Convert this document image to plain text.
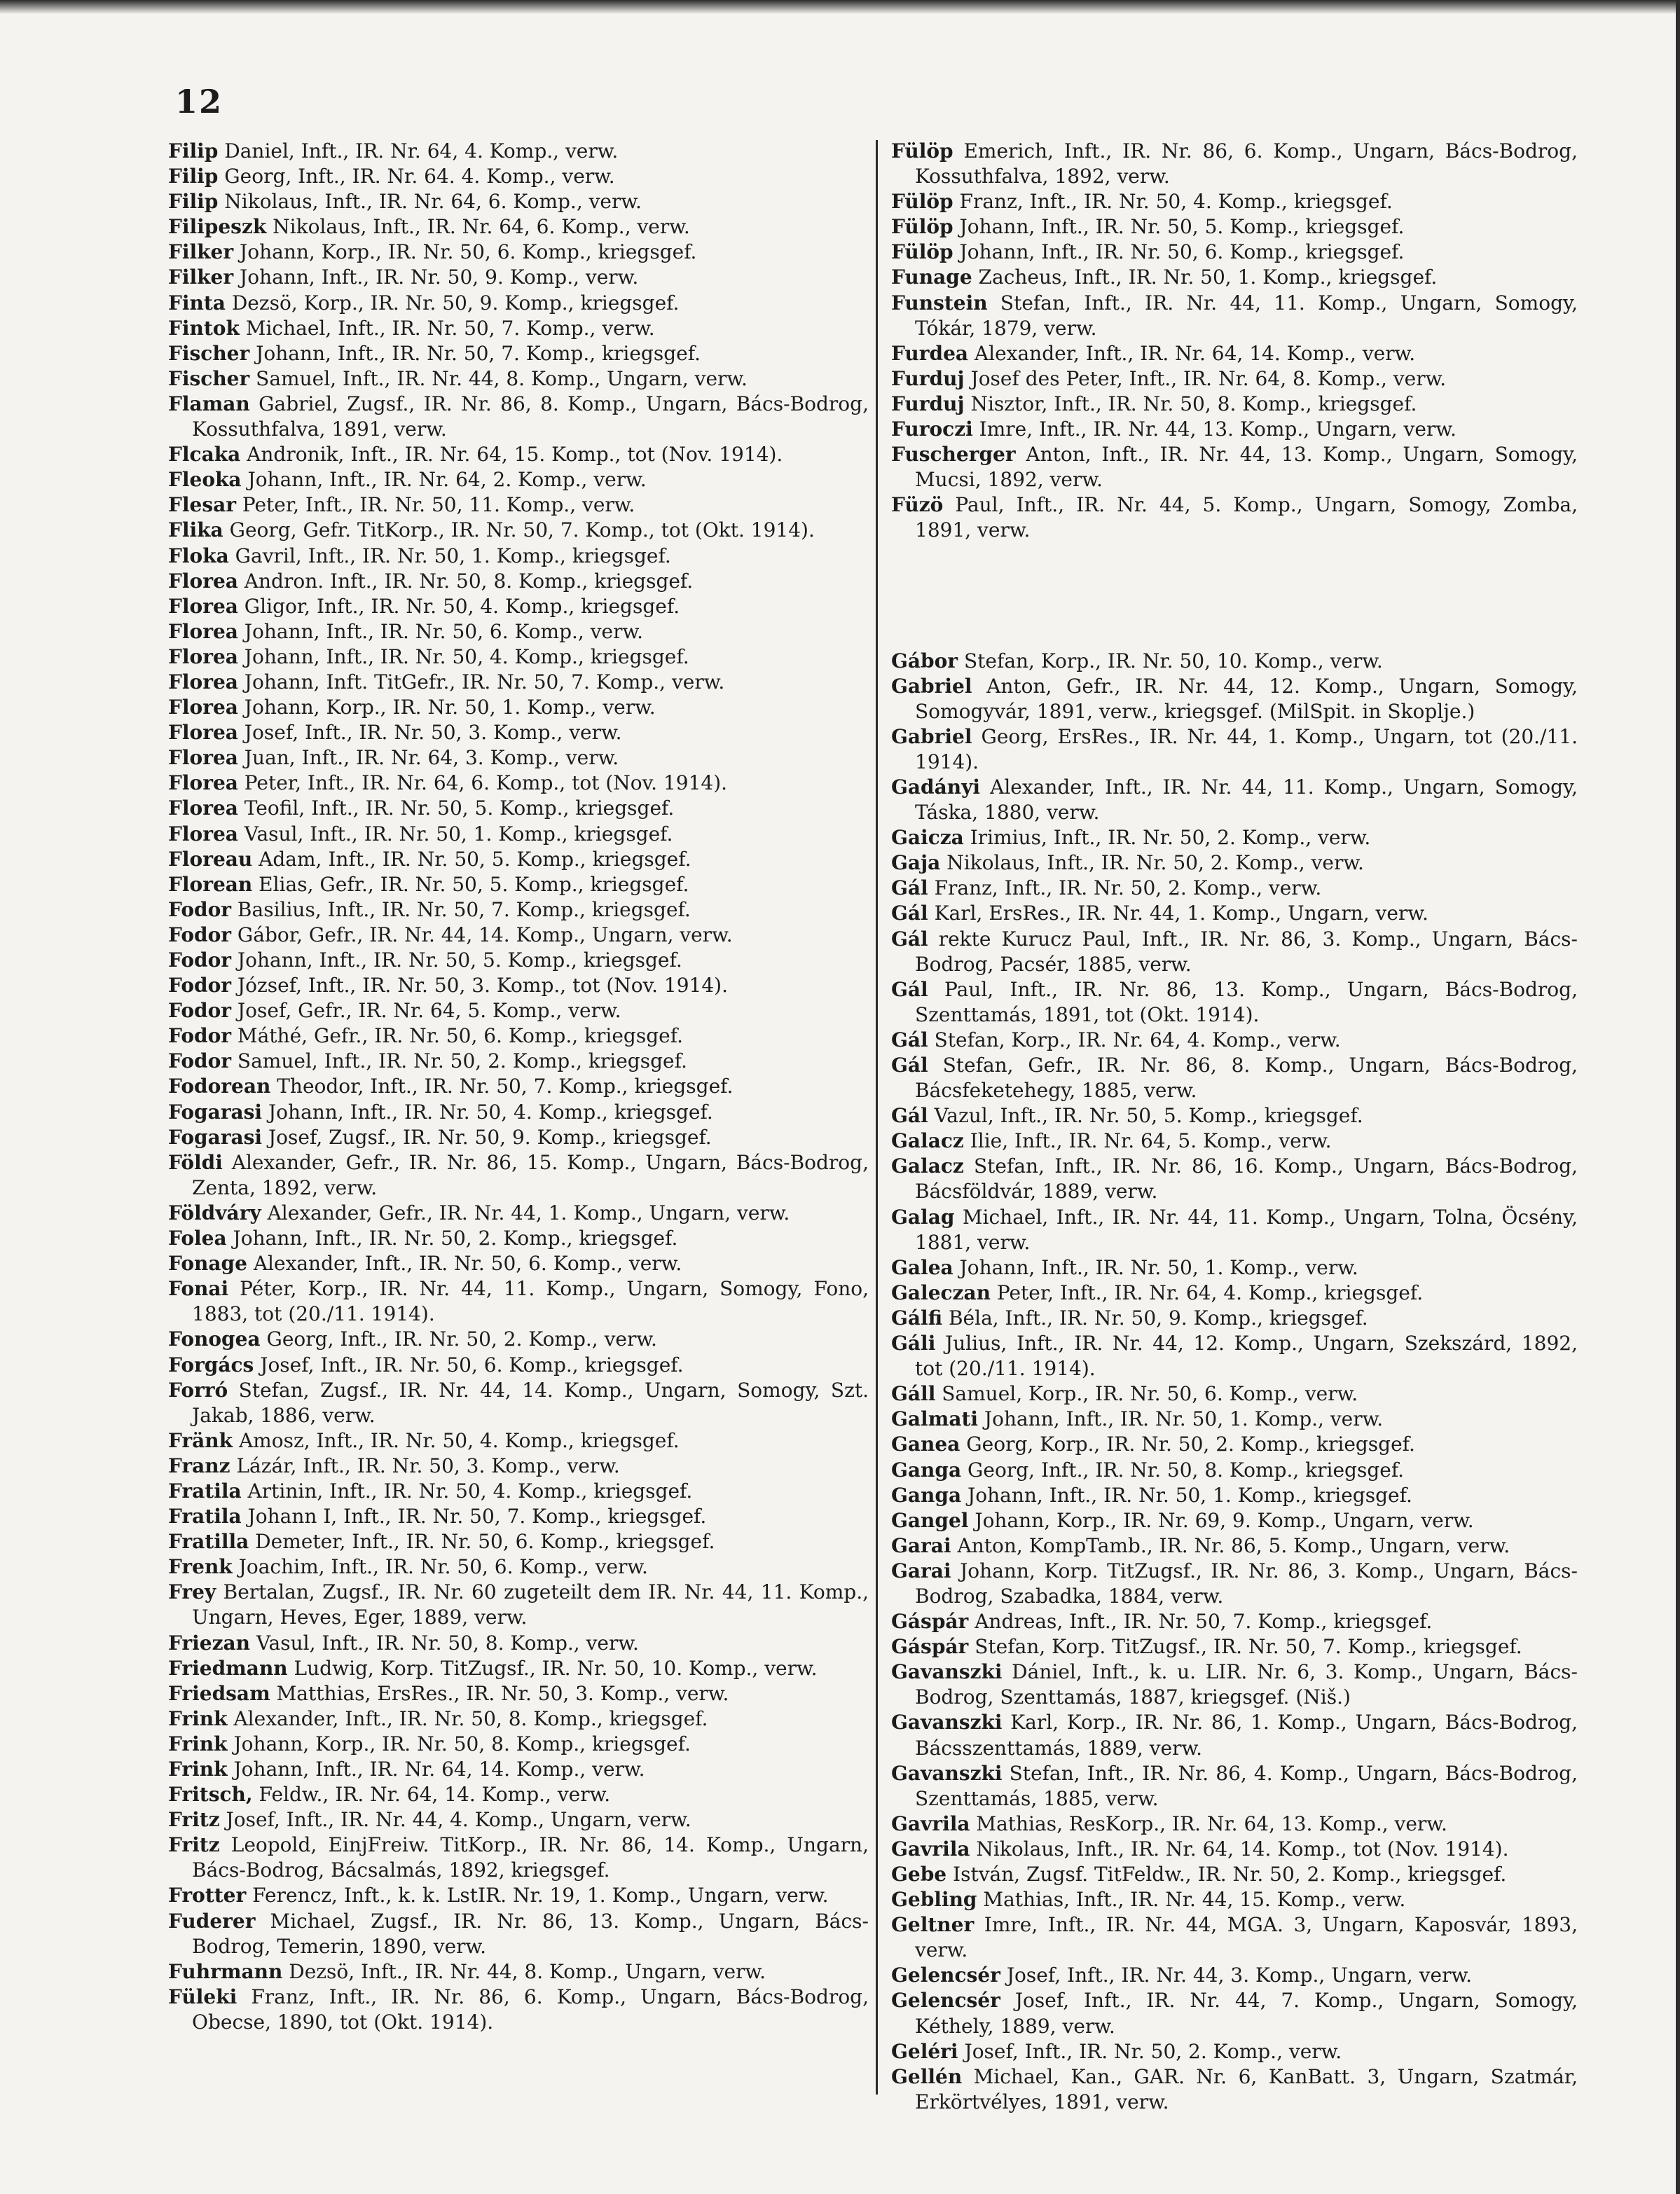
12
Filip Daniel, Inft., IR. Nr. 64, 4. Komp., verw.
Filip Georg, Inft., IR. Nr. 64. 4. Komp., verw.
Filip Nikolaus, Inft., IR. Nr. 64, 6. Komp., verw.
Filipeszk Nikolaus, Inft., IR. Nr. 64, 6. Komp., verw.
Filker Johann, Korp., IR. Nr. 50, 6. Komp., kriegsgef.
Filker Johann, Inft., IR. Nr. 50, 9. Komp., verw.
Finta Dezsö, Korp., IR. Nr. 50, 9. Komp., kriegsgef.
Fintok Michael, Inft., IR. Nr. 50, 7. Komp., verw.
Fischer Johann, Inft., IR. Nr. 50, 7. Komp., kriegsgef.
Fischer Samuel, Inft., IR. Nr. 44, 8. Komp., Ungarn, verw.
Flaman Gabriel, Zugsf., IR. Nr. 86, 8. Komp., Ungarn, Bács-Bodrog, Kossuthfalva, 1891, verw.
Flcaka Andronik, Inft., IR. Nr. 64, 15. Komp., tot (Nov. 1914).
Fleoka Johann, Inft., IR. Nr. 64, 2. Komp., verw.
Flesar Peter, Inft., IR. Nr. 50, 11. Komp., verw.
Flika Georg, Gefr. TitKorp., IR. Nr. 50, 7. Komp., tot (Okt. 1914).
Floka Gavril, Inft., IR. Nr. 50, 1. Komp., kriegsgef.
Florea Andron. Inft., IR. Nr. 50, 8. Komp., kriegsgef.
Florea Gligor, Inft., IR. Nr. 50, 4. Komp., kriegsgef.
Florea Johann, Inft., IR. Nr. 50, 6. Komp., verw.
Florea Johann, Inft., IR. Nr. 50, 4. Komp., kriegsgef.
Florea Johann, Inft. TitGefr., IR. Nr. 50, 7. Komp., verw.
Florea Johann, Korp., IR. Nr. 50, 1. Komp., verw.
Florea Josef, Inft., IR. Nr. 50, 3. Komp., verw.
Florea Juan, Inft., IR. Nr. 64, 3. Komp., verw.
Florea Peter, Inft., IR. Nr. 64, 6. Komp., tot (Nov. 1914).
Florea Teofil, Inft., IR. Nr. 50, 5. Komp., kriegsgef.
Florea Vasul, Inft., IR. Nr. 50, 1. Komp., kriegsgef.
Floreau Adam, Inft., IR. Nr. 50, 5. Komp., kriegsgef.
Florean Elias, Gefr., IR. Nr. 50, 5. Komp., kriegsgef.
Fodor Basilius, Inft., IR. Nr. 50, 7. Komp., kriegsgef.
Fodor Gábor, Gefr., IR. Nr. 44, 14. Komp., Ungarn, verw.
Fodor Johann, Inft., IR. Nr. 50, 5. Komp., kriegsgef.
Fodor József, Inft., IR. Nr. 50, 3. Komp., tot (Nov. 1914).
Fodor Josef, Gefr., IR. Nr. 64, 5. Komp., verw.
Fodor Máthé, Gefr., IR. Nr. 50, 6. Komp., kriegsgef.
Fodor Samuel, Inft., IR. Nr. 50, 2. Komp., kriegsgef.
Fodorean Theodor, Inft., IR. Nr. 50, 7. Komp., kriegsgef.
Fogarasi Johann, Inft., IR. Nr. 50, 4. Komp., kriegsgef.
Fogarasi Josef, Zugsf., IR. Nr. 50, 9. Komp., kriegsgef.
Földi Alexander, Gefr., IR. Nr. 86, 15. Komp., Ungarn, Bács-Bodrog, Zenta, 1892, verw.
Földváry Alexander, Gefr., IR. Nr. 44, 1. Komp., Ungarn, verw.
Folea Johann, Inft., IR. Nr. 50, 2. Komp., kriegsgef.
Fonage Alexander, Inft., IR. Nr. 50, 6. Komp., verw.
Fonai Péter, Korp., IR. Nr. 44, 11. Komp., Ungarn, Somogy, Fono, 1883, tot (20./11. 1914).
Fonogea Georg, Inft., IR. Nr. 50, 2. Komp., verw.
Forgács Josef, Inft., IR. Nr. 50, 6. Komp., kriegsgef.
Forró Stefan, Zugsf., IR. Nr. 44, 14. Komp., Ungarn, Somogy, Szt. Jakab, 1886, verw.
Fränk Amosz, Inft., IR. Nr. 50, 4. Komp., kriegsgef.
Franz Lázár, Inft., IR. Nr. 50, 3. Komp., verw.
Fratila Artinin, Inft., IR. Nr. 50, 4. Komp., kriegsgef.
Fratila Johann I, Inft., IR. Nr. 50, 7. Komp., kriegsgef.
Fratilla Demeter, Inft., IR. Nr. 50, 6. Komp., kriegsgef.
Frenk Joachim, Inft., IR. Nr. 50, 6. Komp., verw.
Frey Bertalan, Zugsf., IR. Nr. 60 zugeteilt dem IR. Nr. 44, 11. Komp., Ungarn, Heves, Eger, 1889, verw.
Friezan Vasul, Inft., IR. Nr. 50, 8. Komp., verw.
Friedmann Ludwig, Korp. TitZugsf., IR. Nr. 50, 10. Komp., verw.
Friedsam Matthias, ErsRes., IR. Nr. 50, 3. Komp., verw.
Frink Alexander, Inft., IR. Nr. 50, 8. Komp., kriegsgef.
Frink Johann, Korp., IR. Nr. 50, 8. Komp., kriegsgef.
Frink Johann, Inft., IR. Nr. 64, 14. Komp., verw.
Fritsch, Feldw., IR. Nr. 64, 14. Komp., verw.
Fritz Josef, Inft., IR. Nr. 44, 4. Komp., Ungarn, verw.
Fritz Leopold, EinjFreiw. TitKorp., IR. Nr. 86, 14. Komp., Ungarn, Bács-Bodrog, Bácsalmás, 1892, kriegsgef.
Frotter Ferencz, Inft., k. k. LstIR. Nr. 19, 1. Komp., Ungarn, verw.
Fuderer Michael, Zugsf., IR. Nr. 86, 13. Komp., Ungarn, Bács-Bodrog, Temerin, 1890, verw.
Fuhrmann Dezsö, Inft., IR. Nr. 44, 8. Komp., Ungarn, verw.
Füleki Franz, Inft., IR. Nr. 86, 6. Komp., Ungarn, Bács-Bodrog, Obecse, 1890, tot (Okt. 1914).
Fülöp Emerich, Inft., IR. Nr. 86, 6. Komp., Ungarn, Bács-Bodrog, Kossuthfalva, 1892, verw.
Fülöp Franz, Inft., IR. Nr. 50, 4. Komp., kriegsgef.
Fülöp Johann, Inft., IR. Nr. 50, 5. Komp., kriegsgef.
Fülöp Johann, Inft., IR. Nr. 50, 6. Komp., kriegsgef.
Funage Zacheus, Inft., IR. Nr. 50, 1. Komp., kriegsgef.
Funstein Stefan, Inft., IR. Nr. 44, 11. Komp., Ungarn, Somogy, Tókár, 1879, verw.
Furdea Alexander, Inft., IR. Nr. 64, 14. Komp., verw.
Furduj Josef des Peter, Inft., IR. Nr. 64, 8. Komp., verw.
Furduj Nisztor, Inft., IR. Nr. 50, 8. Komp., kriegsgef.
Furoczi Imre, Inft., IR. Nr. 44, 13. Komp., Ungarn, verw.
Fuscherger Anton, Inft., IR. Nr. 44, 13. Komp., Ungarn, Somogy, Mucsi, 1892, verw.
Füzö Paul, Inft., IR. Nr. 44, 5. Komp., Ungarn, Somogy, Zomba, 1891, verw.
Gábor Stefan, Korp., IR. Nr. 50, 10. Komp., verw.
Gabriel Anton, Gefr., IR. Nr. 44, 12. Komp., Ungarn, Somogy, Somogyvár, 1891, verw., kriegsgef. (MilSpit. in Skoplje.)
Gabriel Georg, ErsRes., IR. Nr. 44, 1. Komp., Ungarn, tot (20./11. 1914).
Gadányi Alexander, Inft., IR. Nr. 44, 11. Komp., Ungarn, Somogy, Táska, 1880, verw.
Gaicza Irimius, Inft., IR. Nr. 50, 2. Komp., verw.
Gaja Nikolaus, Inft., IR. Nr. 50, 2. Komp., verw.
Gál Franz, Inft., IR. Nr. 50, 2. Komp., verw.
Gál Karl, ErsRes., IR. Nr. 44, 1. Komp., Ungarn, verw.
Gál rekte Kurucz Paul, Inft., IR. Nr. 86, 3. Komp., Ungarn, Bács-Bodrog, Pacsér, 1885, verw.
Gál Paul, Inft., IR. Nr. 86, 13. Komp., Ungarn, Bács-Bodrog, Szenttamás, 1891, tot (Okt. 1914).
Gál Stefan, Korp., IR. Nr. 64, 4. Komp., verw.
Gál Stefan, Gefr., IR. Nr. 86, 8. Komp., Ungarn, Bács-Bodrog, Bácsfeketehegy, 1885, verw.
Gál Vazul, Inft., IR. Nr. 50, 5. Komp., kriegsgef.
Galacz Ilie, Inft., IR. Nr. 64, 5. Komp., verw.
Galacz Stefan, Inft., IR. Nr. 86, 16. Komp., Ungarn, Bács-Bodrog, Bácsföldvár, 1889, verw.
Galag Michael, Inft., IR. Nr. 44, 11. Komp., Ungarn, Tolna, Öcsény, 1881, verw.
Galea Johann, Inft., IR. Nr. 50, 1. Komp., verw.
Galeczan Peter, Inft., IR. Nr. 64, 4. Komp., kriegsgef.
Gálfi Béla, Inft., IR. Nr. 50, 9. Komp., kriegsgef.
Gáli Julius, Inft., IR. Nr. 44, 12. Komp., Ungarn, Szekszárd, 1892, tot (20./11. 1914).
Gáll Samuel, Korp., IR. Nr. 50, 6. Komp., verw.
Galmati Johann, Inft., IR. Nr. 50, 1. Komp., verw.
Ganea Georg, Korp., IR. Nr. 50, 2. Komp., kriegsgef.
Ganga Georg, Inft., IR. Nr. 50, 8. Komp., kriegsgef.
Ganga Johann, Inft., IR. Nr. 50, 1. Komp., kriegsgef.
Gangel Johann, Korp., IR. Nr. 69, 9. Komp., Ungarn, verw.
Garai Anton, KompTamb., IR. Nr. 86, 5. Komp., Ungarn, verw.
Garai Johann, Korp. TitZugsf., IR. Nr. 86, 3. Komp., Ungarn, Bács-Bodrog, Szabadka, 1884, verw.
Gáspár Andreas, Inft., IR. Nr. 50, 7. Komp., kriegsgef.
Gáspár Stefan, Korp. TitZugsf., IR. Nr. 50, 7. Komp., kriegsgef.
Gavanszki Dániel, Inft., k. u. LIR. Nr. 6, 3. Komp., Ungarn, Bács-Bodrog, Szenttamás, 1887, kriegsgef. (Niš.)
Gavanszki Karl, Korp., IR. Nr. 86, 1. Komp., Ungarn, Bács-Bodrog, Bácsszenttamás, 1889, verw.
Gavanszki Stefan, Inft., IR. Nr. 86, 4. Komp., Ungarn, Bács-Bodrog, Szenttamás, 1885, verw.
Gavrila Mathias, ResKorp., IR. Nr. 64, 13. Komp., verw.
Gavrila Nikolaus, Inft., IR. Nr. 64, 14. Komp., tot (Nov. 1914).
Gebe István, Zugsf. TitFeldw., IR. Nr. 50, 2. Komp., kriegsgef.
Gebling Mathias, Inft., IR. Nr. 44, 15. Komp., verw.
Geltner Imre, Inft., IR. Nr. 44, MGA. 3, Ungarn, Kaposvár, 1893, verw.
Gelencsér Josef, Inft., IR. Nr. 44, 3. Komp., Ungarn, verw.
Gelencsér Josef, Inft., IR. Nr. 44, 7. Komp., Ungarn, Somogy, Kéthely, 1889, verw.
Geléri Josef, Inft., IR. Nr. 50, 2. Komp., verw.
Gellén Michael, Kan., GAR. Nr. 6, KanBatt. 3, Ungarn, Szatmár, Erkörtvélyes, 1891, verw.
